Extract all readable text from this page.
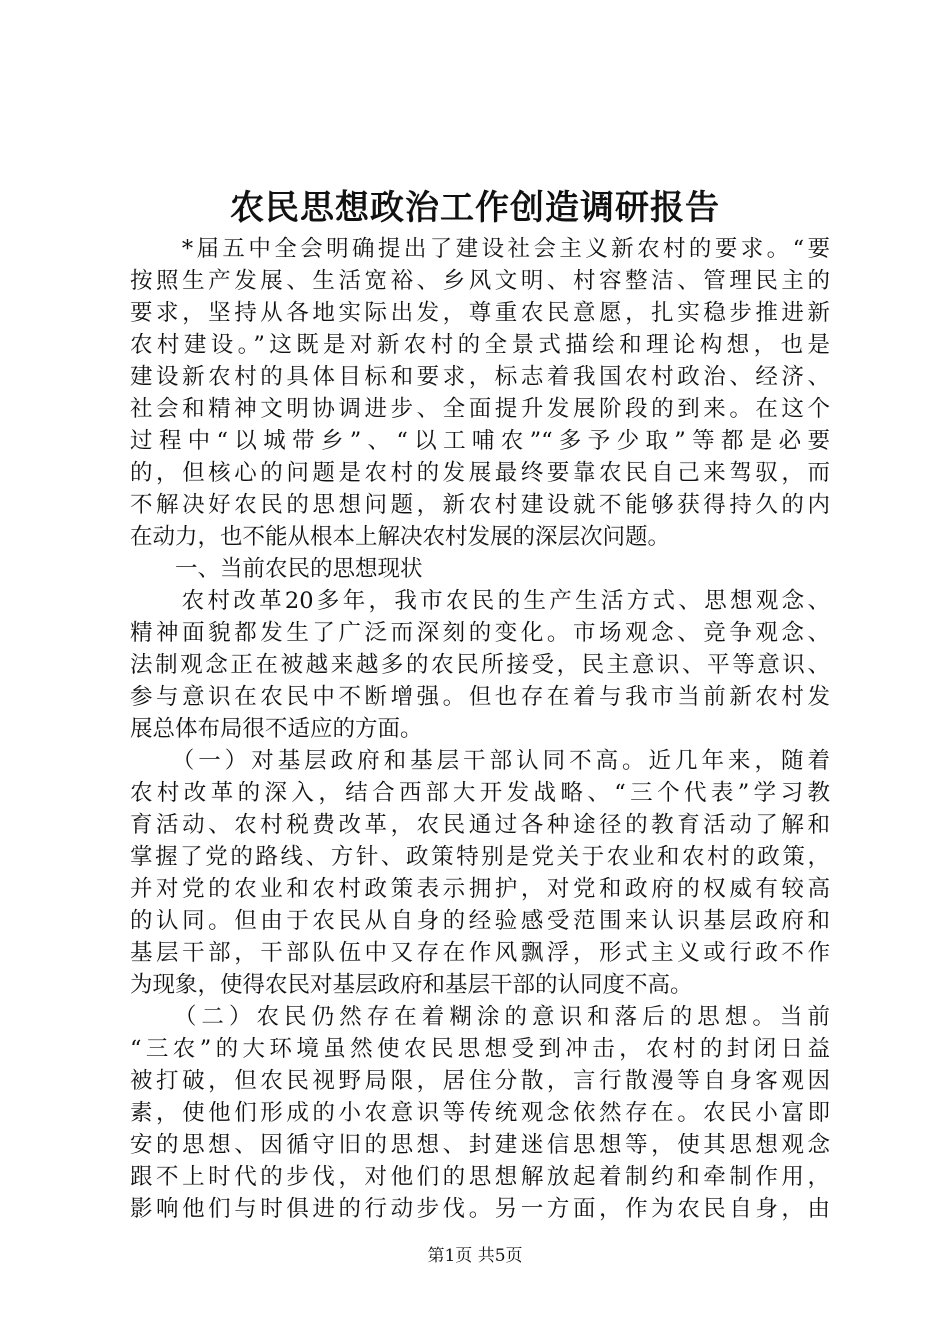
农民思想政治工作创造调研报告
　　*届五中全会明确提出了建设社会主义新农村的要求。“要
按照生产发展、生活宽裕、乡风文明、村容整洁、管理民主的
要求，坚持从各地实际出发，尊重农民意愿，扎实稳步推进新
农村建设。”这既是对新农村的全景式描绘和理论构想，也是
建设新农村的具体目标和要求，标志着我国农村政治、经济、
社会和精神文明协调进步、全面提升发展阶段的到来。在这个
过程中“以城带乡”、“以工哺农”“多予少取”等都是必要
的，但核心的问题是农村的发展最终要靠农民自己来驾驭，而
不解决好农民的思想问题，新农村建设就不能够获得持久的内
在动力，也不能从根本上解决农村发展的深层次问题。
　　一、当前农民的思想现状
　　农村改革20多年，我市农民的生产生活方式、思想观念、
精神面貌都发生了广泛而深刻的变化。市场观念、竞争观念、
法制观念正在被越来越多的农民所接受，民主意识、平等意识、
参与意识在农民中不断增强。但也存在着与我市当前新农村发
展总体布局很不适应的方面。
　　（一）对基层政府和基层干部认同不高。近几年来，随着
农村改革的深入，结合西部大开发战略、“三个代表”学习教
育活动、农村税费改革，农民通过各种途径的教育活动了解和
掌握了党的路线、方针、政策特别是党关于农业和农村的政策，
并对党的农业和农村政策表示拥护，对党和政府的权威有较高
的认同。但由于农民从自身的经验感受范围来认识基层政府和
基层干部，干部队伍中又存在作风飘浮，形式主义或行政不作
为现象，使得农民对基层政府和基层干部的认同度不高。
　　（二）农民仍然存在着糊涂的意识和落后的思想。当前
“三农”的大环境虽然使农民思想受到冲击，农村的封闭日益
被打破，但农民视野局限，居住分散，言行散漫等自身客观因
素，使他们形成的小农意识等传统观念依然存在。农民小富即
安的思想、因循守旧的思想、封建迷信思想等，使其思想观念
跟不上时代的步伐，对他们的思想解放起着制约和牵制作用，
影响他们与时俱进的行动步伐。另一方面，作为农民自身，由
第1页 共5页
